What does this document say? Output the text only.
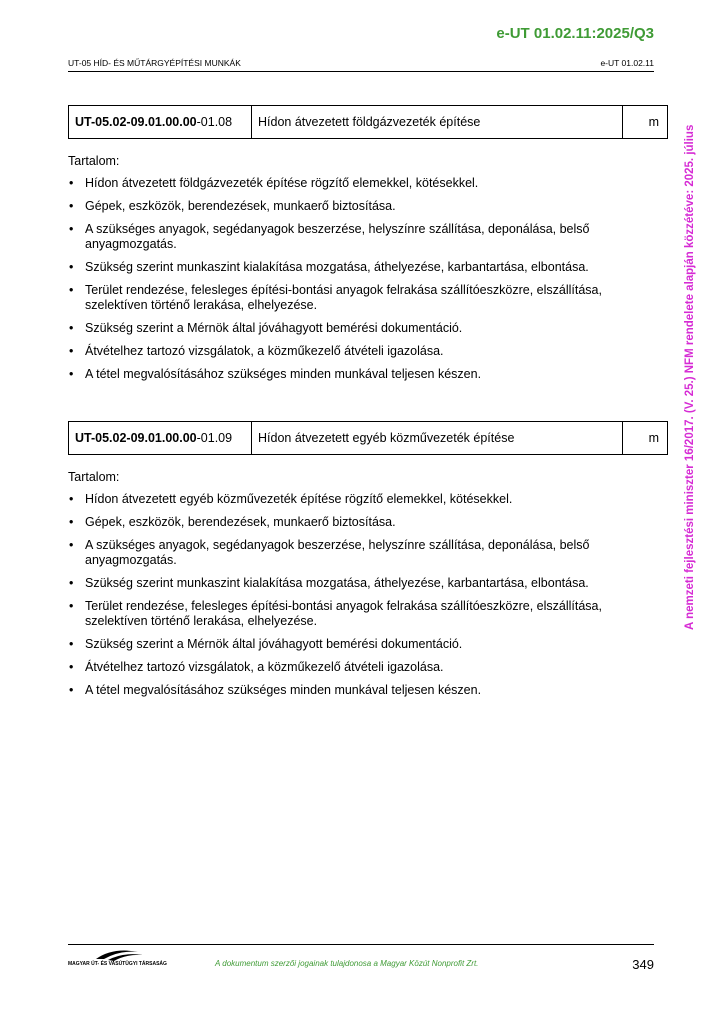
e-UT 01.02.11:2025/Q3
UT-05 HÍD- ÉS MŰTÁRGYÉPÍTÉSI MUNKÁK	e-UT 01.02.11
UT-05.02-09.01.00.00 -01.08	Hídon átvezetett földgázvezeték építése	m
Tartalom:
• Hídon átvezetett földgázvezeték építése rögzítő elemekkel, kötésekkel.
• Gépek, eszközök, berendezések, munkaerő biztosítása.
• A szükséges anyagok, segédanyagok beszerzése, helyszínre szállítása, deponálása, belső anyagmozgatás.
• Szükség szerint munkaszint kialakítása mozgatása, áthelyezése, karbantartása, elbontása.
• Terület rendezése, felesleges építési-bontási anyagok felrakása szállítóeszközre, elszállítása, szelektíven történő lerakása, elhelyezése.
• Szükség szerint a Mérnök által jóváhagyott bemérési dokumentáció.
• Átvételhez tartozó vizsgálatok, a közműkezelő átvételi igazolása.
• A tétel megvalósításához szükséges minden munkával teljesen készen.
UT-05.02-09.01.00.00 -01.09	Hídon átvezetett egyéb közművezeték építése	m
Tartalom:
• Hídon átvezetett egyéb közművezeték építése rögzítő elemekkel, kötésekkel.
• Gépek, eszközök, berendezések, munkaerő biztosítása.
• A szükséges anyagok, segédanyagok beszerzése, helyszínre szállítása, deponálása, belső anyagmozgatás.
• Szükség szerint munkaszint kialakítása mozgatása, áthelyezése, karbantartása, elbontása.
• Terület rendezése, felesleges építési-bontási anyagok felrakása szállítóeszközre, elszállítása, szelektíven történő lerakása, elhelyezése.
• Szükség szerint a Mérnök által jóváhagyott bemérési dokumentáció.
• Átvételhez tartozó vizsgálatok, a közműkezelő átvételi igazolása.
• A tétel megvalósításához szükséges minden munkával teljesen készen.
A nemzeti fejlesztési miniszter 16/2017. (V. 25.) NFM rendelete alapján közzétéve: 2025. július
MAGYAR ÚT- ÉS VASÚTÜGYI TÁRSASÁG	A dokumentum szerzői jogainak tulajdonosa a Magyar Közút Nonprofit Zrt.	349
